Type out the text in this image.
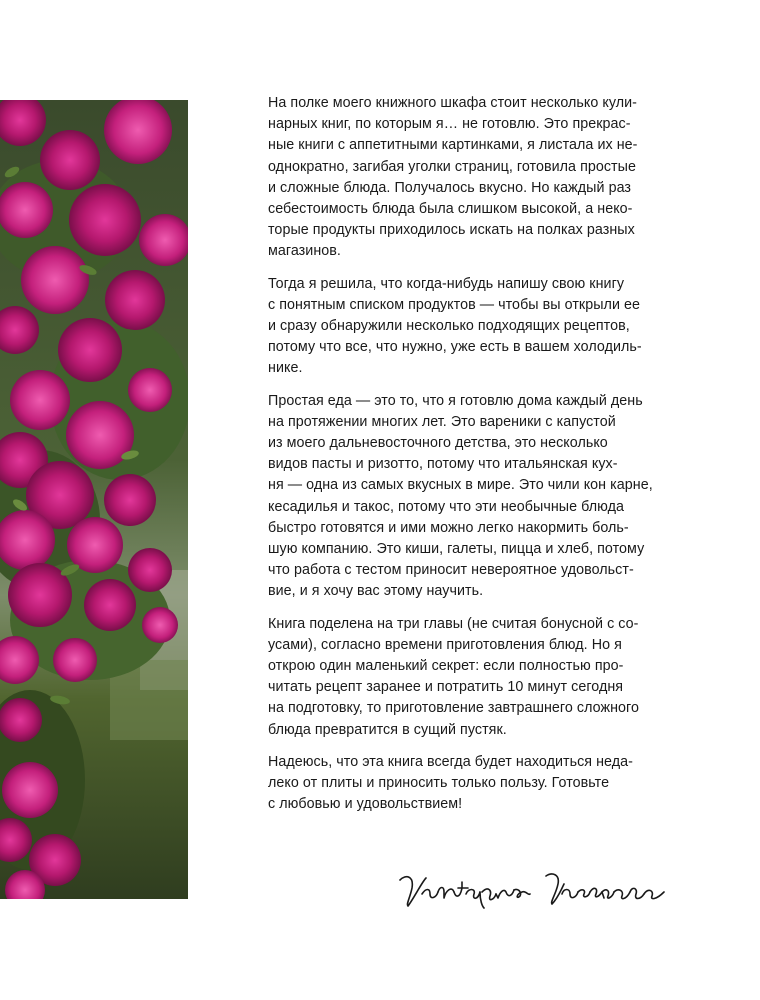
На полке моего книжного шкафа стоит несколько кули-
нарных книг, по которым я… не готовлю. Это прекрас-
ные книги с аппетитными картинками, я листала их не-
однократно, загибая уголки страниц, готовила простые
и сложные блюда. Получалось вкусно. Но каждый раз
себестоимость блюда была слишком высокой, а неко-
торые продукты приходилось искать на полках разных
магазинов.

Тогда я решила, что когда-нибудь напишу свою книгу
с понятным списком продуктов — чтобы вы открыли ее
и сразу обнаружили несколько подходящих рецептов,
потому что все, что нужно, уже есть в вашем холодиль-
нике.

Простая еда — это то, что я готовлю дома каждый день
на протяжении многих лет. Это вареники с капустой
из моего дальневосточного детства, это несколько
видов пасты и ризотто, потому что итальянская кух-
ня — одна из самых вкусных в мире. Это чили кон карне,
кесадилья и такос, потому что эти необычные блюда
быстро готовятся и ими можно легко накормить боль-
шую компанию. Это киши, галеты, пицца и хлеб, потому
что работа с тестом приносит невероятное удовольст-
вие, и я хочу вас этому научить.

Книга поделена на три главы (не считая бонусной с со-
усами), согласно времени приготовления блюд. Но я
открою один маленький секрет: если полностью про-
читать рецепт заранее и потратить 10 минут сегодня
на подготовку, то приготовление завтрашнего сложного
блюда превратится в сущий пустяк.

Надеюсь, что эта книга всегда будет находиться неда-
леко от плиты и приносить только пользу. Готовьте
с любовью и удовольствием!
